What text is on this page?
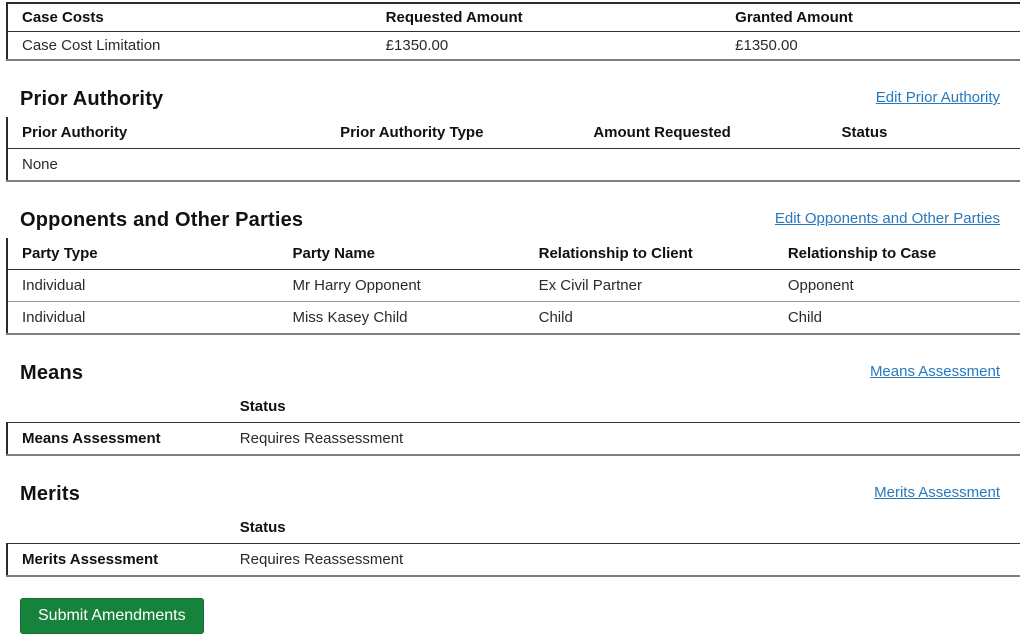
Case Costs	Requested Amount	Granted Amount
Case Cost Limitation	£1350.00	£1350.00
Prior Authority	Edit Prior Authority
Prior Authority	Prior Authority Type	Amount Requested	Status
None
Opponents and Other Parties	Edit Opponents and Other Parties
Party Type	Party Name	Relationship to Client	Relationship to Case
Individual	Mr Harry Opponent	Ex Civil Partner	Opponent
Individual	Miss Kasey Child	Child	Child
Means	Means Assessment
	Status
Means Assessment	Requires Reassessment
Merits	Merits Assessment
	Status
Merits Assessment	Requires Reassessment
Submit Amendments
